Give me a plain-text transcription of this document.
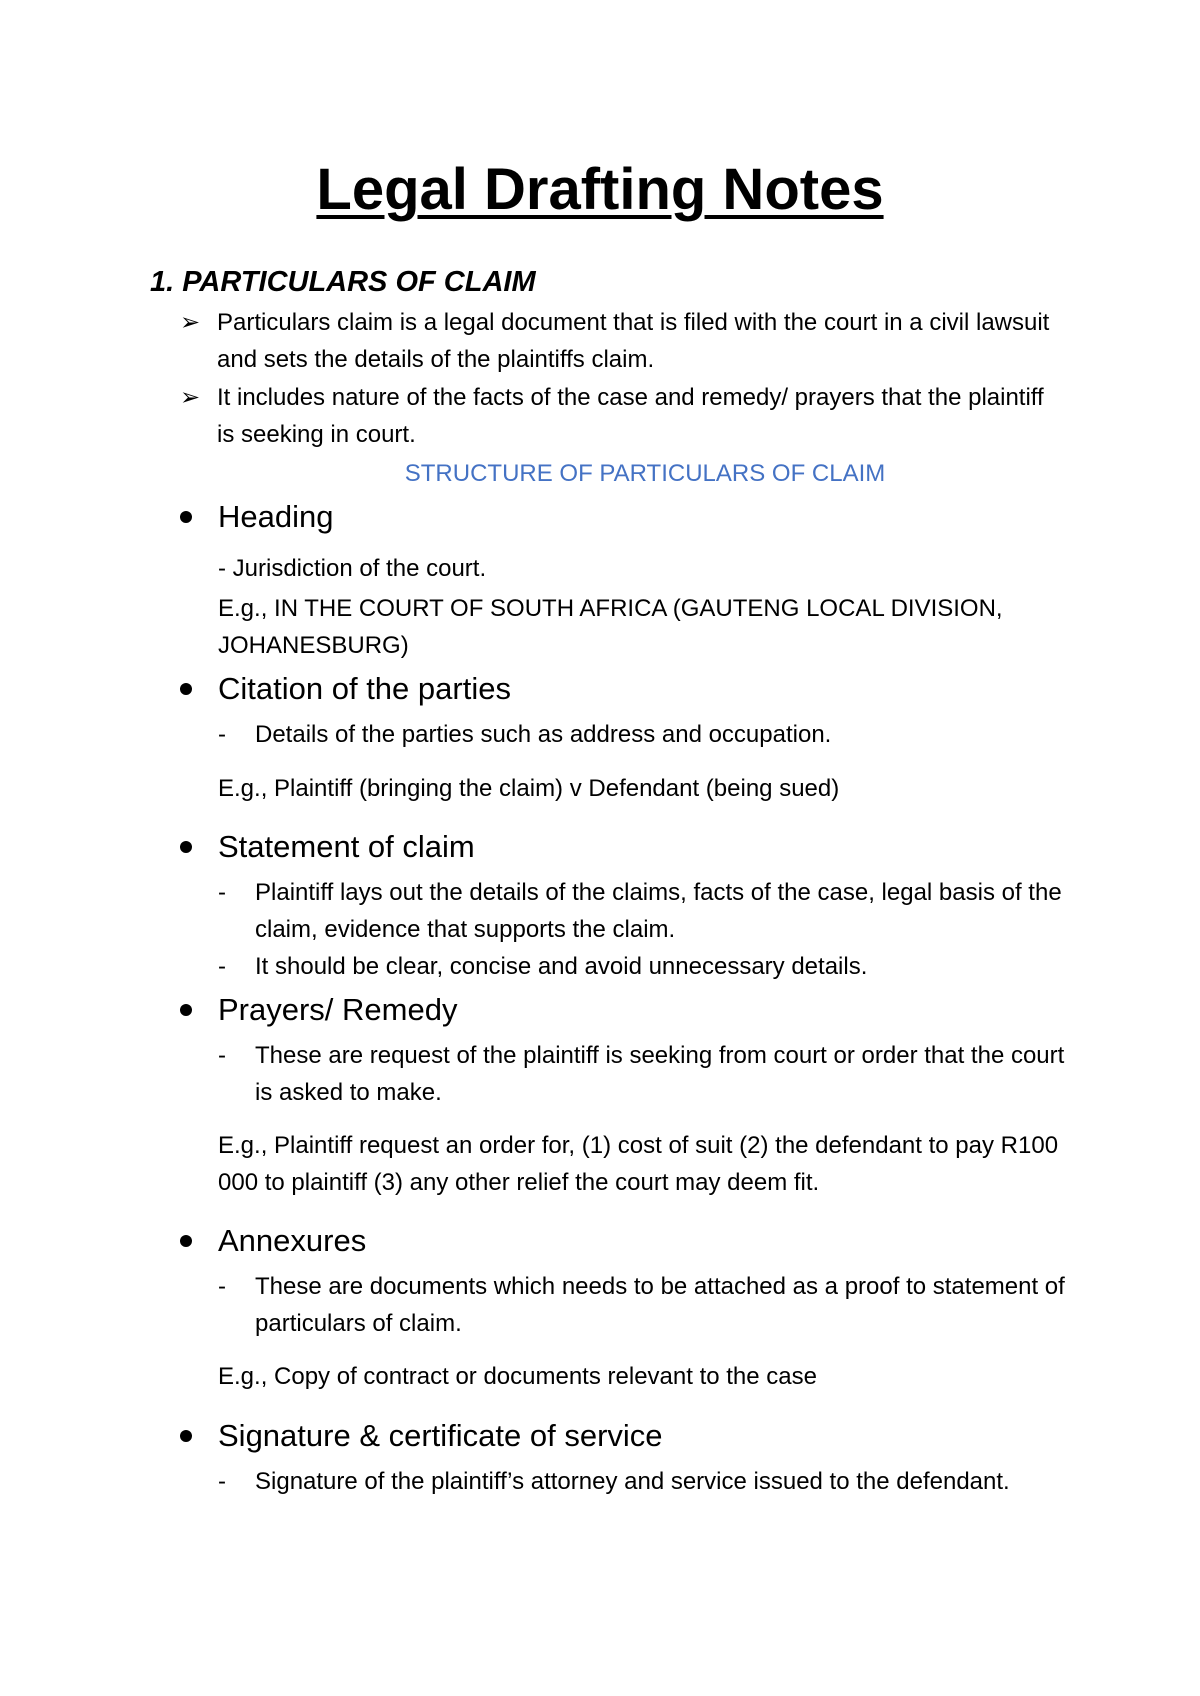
Legal Drafting Notes
1. PARTICULARS OF CLAIM
➢ Particulars claim is a legal document that is filed with the court in a civil lawsuit and sets the details of the plaintiffs claim.
➢ It includes nature of the facts of the case and remedy/ prayers that the plaintiff is seeking in court.
STRUCTURE OF PARTICULARS OF CLAIM
Heading
- Jurisdiction of the court.
E.g., IN THE COURT OF SOUTH AFRICA (GAUTENG LOCAL DIVISION, JOHANESBURG)
Citation of the parties
- Details of the parties such as address and occupation.
E.g., Plaintiff (bringing the claim) v Defendant (being sued)
Statement of claim
- Plaintiff lays out the details of the claims, facts of the case, legal basis of the claim, evidence that supports the claim.
- It should be clear, concise and avoid unnecessary details.
Prayers/ Remedy
- These are request of the plaintiff is seeking from court or order that the court is asked to make.
E.g., Plaintiff request an order for, (1) cost of suit (2) the defendant to pay R100 000 to plaintiff (3) any other relief the court may deem fit.
Annexures
- These are documents which needs to be attached as a proof to statement of particulars of claim.
E.g., Copy of contract or documents relevant to the case
Signature & certificate of service
- Signature of the plaintiff’s attorney and service issued to the defendant.
